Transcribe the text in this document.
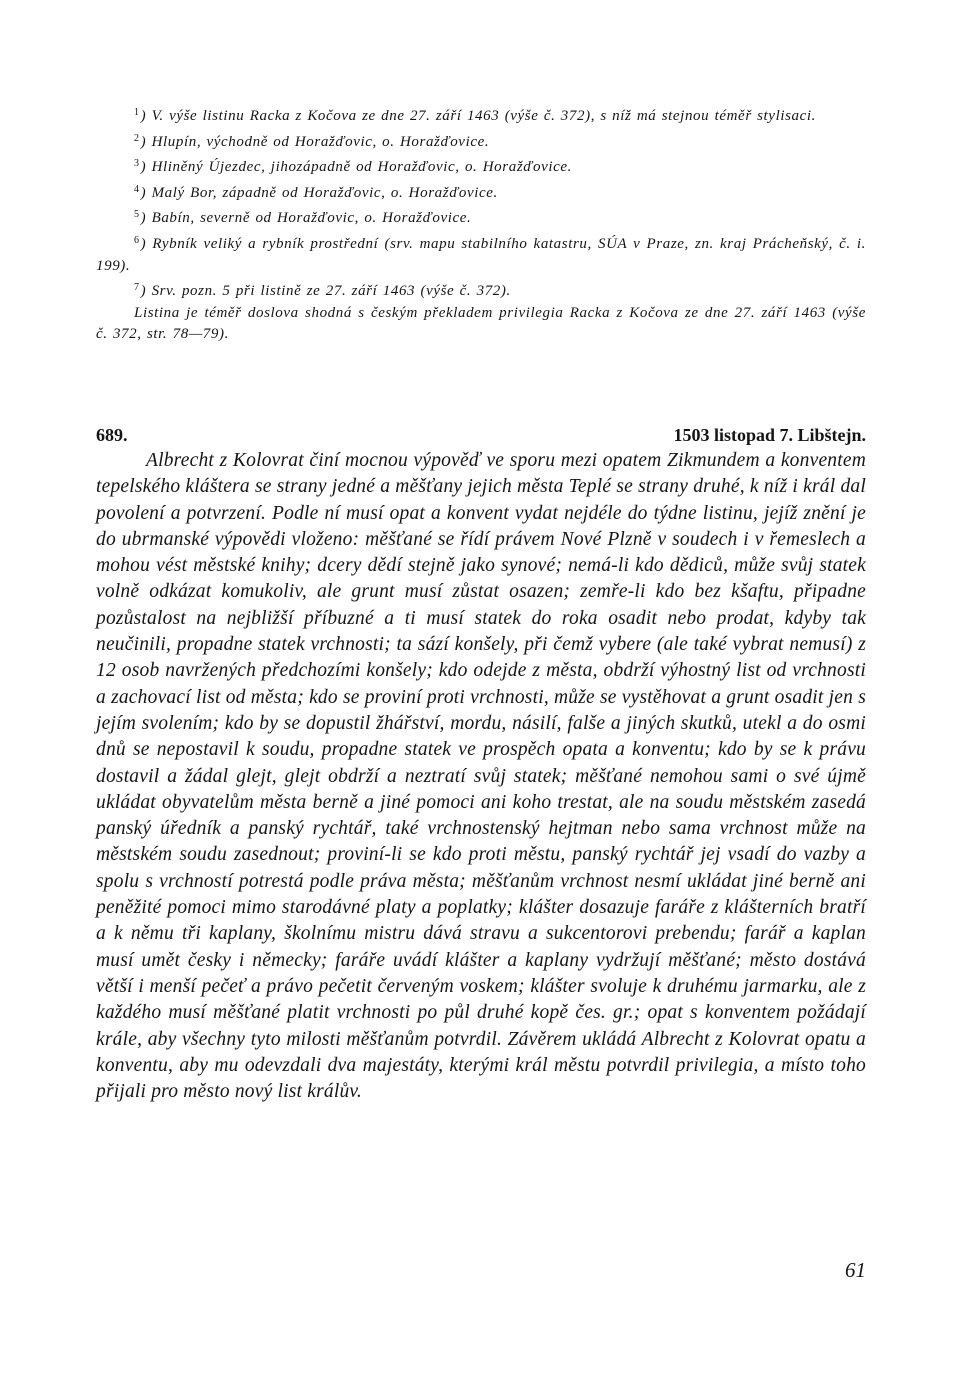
$^1$) V. výše listinu Racka z Kočova ze dne 27. září 1463 (výše č. 372), s níž má stejnou téměř stylisaci.

$^2$) Hlupín, východně od Horažďovic, o. Horažďovice.

$^3$) Hliněný Újezdec, jihozápadně od Horažďovic, o. Horažďovice.

$^4$) Malý Bor, západně od Horažďovic, o. Horažďovice.

$^5$) Babín, severně od Horažďovic, o. Horažďovice.

$^6$) Rybník veliký a rybník prostřední (srv. mapu stabilního katastru, SÚA v Praze, zn. kraj Prácheňský, č. i. 199).

$^7$) Srv. pozn. 5 při listině ze 27. září 1463 (výše č. 372).

Listina je téměř doslova shodná s českým překladem privilegia Racka z Kočova ze dne 27. září 1463 (výše č. 372, str. 78—79).

689.	1503 listopad 7. Libštejn.

Albrecht z Kolovrat činí mocnou výpověď ve sporu mezi opatem Zikmundem a konventem tepelského kláštera se strany jedné a měšťany jejich města Teplé se strany druhé, k níž i král dal povolení a potvrzení. Podle ní musí opat a konvent vydat nejdéle do týdne listinu, jejíž znění je do ubrmanské výpovědi vloženo: měšťané se řídí právem Nové Plzně v soudech i v řemeslech a mohou vést městské knihy; dcery dědí stejně jako synové; nemá-li kdo dědiců, může svůj statek volně odkázat komukoliv, ale grunt musí zůstat osazen; zemře-li kdo bez kšaftu, připadne pozůstalost na nejbližší příbuzné a ti musí statek do roka osadit nebo prodat, kdyby tak neučinili, propadne statek vrchnosti; ta sází konšely, při čemž vybere (ale také vybrat nemusí) z 12 osob navržených předchozími konšely; kdo odejde z města, obdrží výhostný list od vrchnosti a zachovací list od města; kdo se proviní proti vrchnosti, může se vystěhovat a grunt osadit jen s jejím svolením; kdo by se dopustil žhářství, mordu, násilí, falše a jiných skutků, utekl a do osmi dnů se nepostavil k soudu, propadne statek ve prospěch opata a konventu; kdo by se k právu dostavil a žádal glejt, glejt obdrží a neztratí svůj statek; měšťané nemohou sami o své újmě ukládat obyvatelům města berně a jiné pomoci ani koho trestat, ale na soudu městském zasedá panský úředník a panský rychtář, také vrchnostenský hejtman nebo sama vrchnost může na městském soudu zasednout; proviní-li se kdo proti městu, panský rychtář jej vsadí do vazby a spolu s vrchností potrestá podle práva města; měšťanům vrchnost nesmí ukládat jiné berně ani peněžité pomoci mimo starodávné platy a poplatky; klášter dosazuje faráře z klášterních bratří a k němu tři kaplany, školnímu mistru dává stravu a sukcentorovi prebendu; farář a kaplan musí umět česky i německy; faráře uvádí klášter a kaplany vydržují měšťané; město dostává větší i menší pečeť a právo pečetit červeným voskem; klášter svoluje k druhému jarmarku, ale z každého musí měšťané platit vrchnosti po půl druhé kopě čes. gr.; opat s konventem požádají krále, aby všechny tyto milosti měšťanům potvrdil. Závěrem ukládá Albrecht z Kolovrat opatu a konventu, aby mu odevzdali dva majestáty, kterými král městu potvrdil privilegia, a místo toho přijali pro město nový list králův.

61
